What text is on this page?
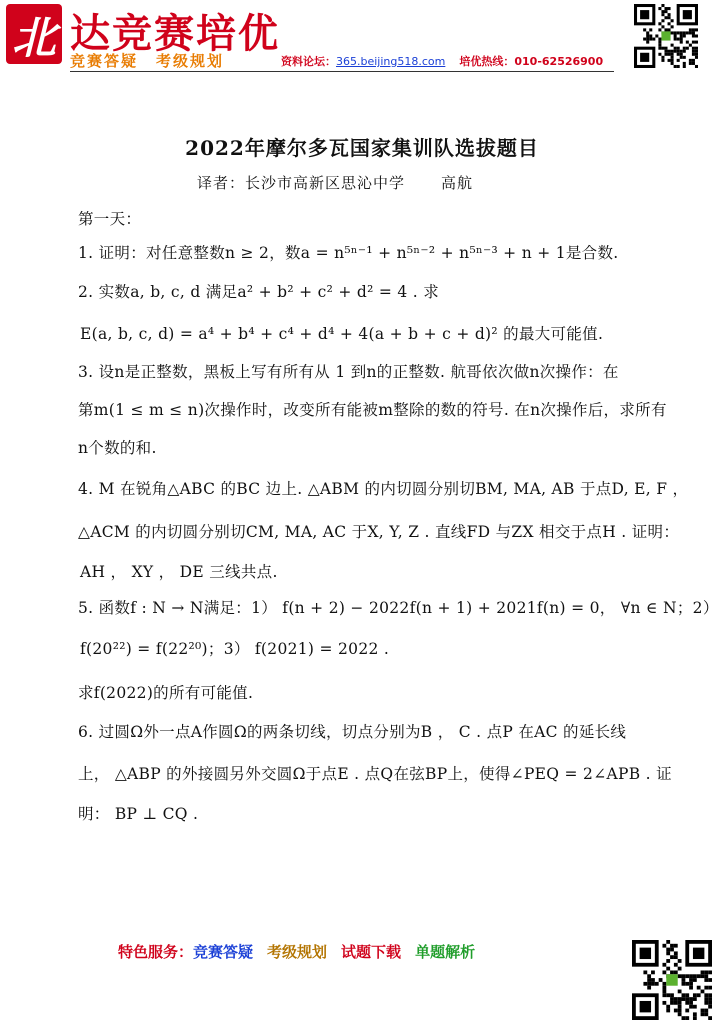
北 达竞赛培优
竞赛答疑 考级规划	资料论坛：365.beijing518.com 培优热线：010-62526900
2022年摩尔多瓦国家集训队选拔题目
译者：长沙市高新区思沁中学 高航
第一天：
1. 证明：对任意整数n ≥ 2，数a = n⁵ⁿ⁻¹ + n⁵ⁿ⁻² + n⁵ⁿ⁻³ + n + 1是合数.
2. 实数a, b, c, d 满足a² + b² + c² + d² = 4 . 求
E(a, b, c, d) = a⁴ + b⁴ + c⁴ + d⁴ + 4(a + b + c + d)² 的最大可能值.
3. 设n是正整数，黑板上写有所有从 1 到n的正整数. 航哥依次做n次操作：在
第m(1 ≤ m ≤ n)次操作时，改变所有能被m整除的数的符号. 在n次操作后，求所有
n个数的和.
4. M 在锐角△ABC 的BC 边上. △ABM 的内切圆分别切BM, MA, AB 于点D, E, F ，
△ACM 的内切圆分别切CM, MA, AC 于X, Y, Z . 直线FD 与ZX 相交于点H . 证明：
AH ， XY ， DE 三线共点.
5. 函数f : N → N满足：1） f(n + 2) − 2022f(n + 1) + 2021f(n) = 0， ∀n ∈ N；2）
f(20²²) = f(22²⁰)；3） f(2021) = 2022 .
求f(2022)的所有可能值.
6. 过圆Ω外一点A作圆Ω的两条切线，切点分别为B ， C . 点P 在AC 的延长线
上， △ABP 的外接圆另外交圆Ω于点E . 点Q在弦BP上，使得∠PEQ = 2∠APB . 证
明： BP ⊥ CQ .
特色服务：竞赛答疑 考级规划 试题下载 单题解析
